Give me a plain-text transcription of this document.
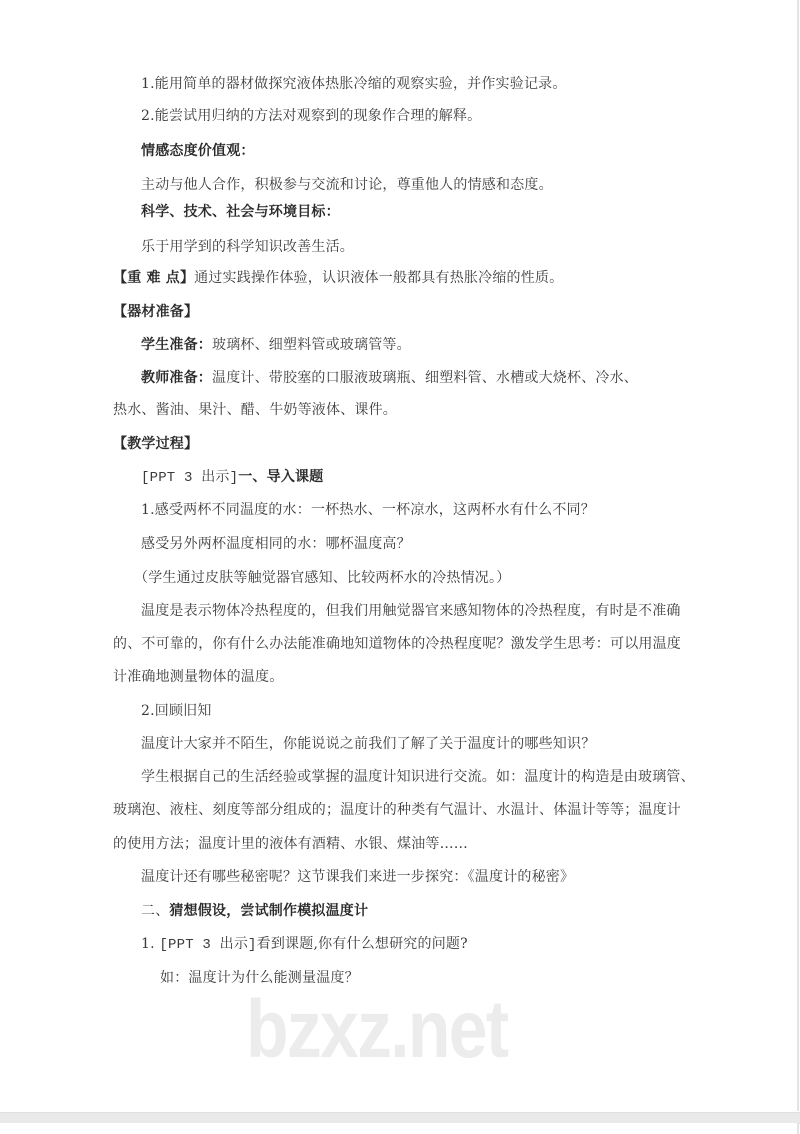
1.能用简单的器材做探究液体热胀冷缩的观察实验，并作实验记录。
2.能尝试用归纳的方法对观察到的现象作合理的解释。
情感态度价值观：
主动与他人合作，积极参与交流和讨论，尊重他人的情感和态度。
科学、技术、社会与环境目标：
乐于用学到的科学知识改善生活。
【重 难 点】通过实践操作体验，认识液体一般都具有热胀冷缩的性质。
【器材准备】
学生准备：玻璃杯、细塑料管或玻璃管等。
教师准备：温度计、带胶塞的口服液玻璃瓶、细塑料管、水槽或大烧杯、冷水、
热水、酱油、果汁、醋、牛奶等液体、课件。
【教学过程】
[PPT 3 出示]一、导入课题
1.感受两杯不同温度的水：一杯热水、一杯凉水，这两杯水有什么不同？
感受另外两杯温度相同的水：哪杯温度高？
（学生通过皮肤等触觉器官感知、比较两杯水的冷热情况。）
温度是表示物体冷热程度的，但我们用触觉器官来感知物体的冷热程度，有时是不准确
的、不可靠的，你有什么办法能准确地知道物体的冷热程度呢？激发学生思考：可以用温度
计准确地测量物体的温度。
2.回顾旧知
温度计大家并不陌生，你能说说之前我们了解了关于温度计的哪些知识？
学生根据自己的生活经验或掌握的温度计知识进行交流。如：温度计的构造是由玻璃管、
玻璃泡、液柱、刻度等部分组成的；温度计的种类有气温计、水温计、体温计等等；温度计
的使用方法；温度计里的液体有酒精、水银、煤油等……
温度计还有哪些秘密呢？这节课我们来进一步探究：《温度计的秘密》
二、猜想假设，尝试制作模拟温度计
1. [PPT 3 出示]看到课题,你有什么想研究的问题?
如：温度计为什么能测量温度？
bzxz.net
